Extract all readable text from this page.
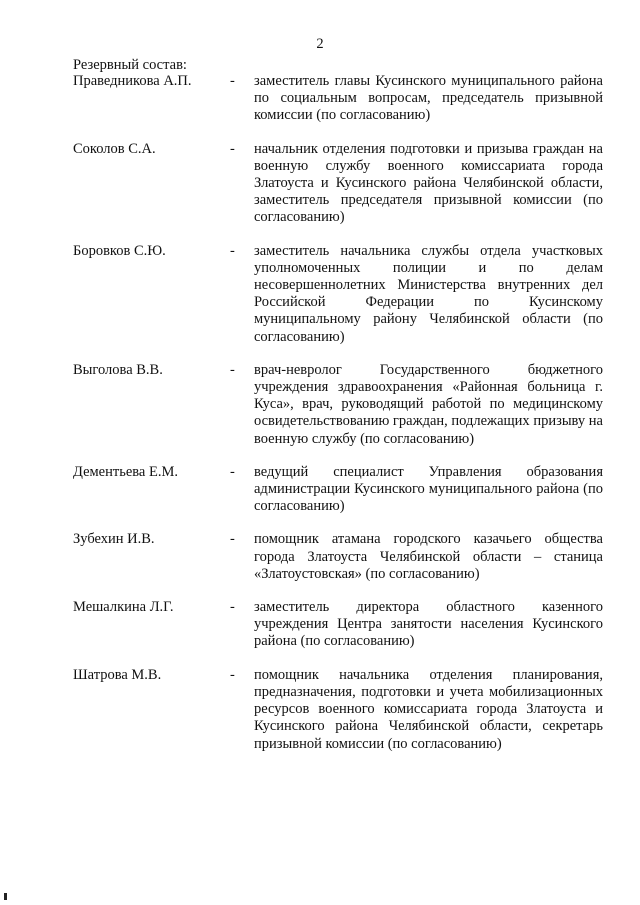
2
Резервный состав:
Праведникова А.П.	-	заместитель главы Кусинского муниципального района по социальным вопросам, председатель призывной комиссии (по согласованию)
Соколов С.А.	-	начальник отделения подготовки и призыва граждан на военную службу военного комиссариата города Златоуста и Кусинского района Челябинской области, заместитель председателя призывной комиссии (по согласованию)
Боровков С.Ю.	-	заместитель начальника службы отдела участковых уполномоченных полиции и по делам несовершеннолетних Министерства внутренних дел Российской Федерации по Кусинскому муниципальному району Челябинской области (по согласованию)
Выголова В.В.	-	врач-невролог Государственного бюджетного учреждения здравоохранения «Районная больница г. Куса», врач, руководящий работой по медицинскому освидетельствованию граждан, подлежащих призыву на военную службу (по согласованию)
Дементьева Е.М.	-	ведущий специалист Управления образования администрации Кусинского муниципального района (по согласованию)
Зубехин И.В.	-	помощник атамана городского казачьего общества города Златоуста Челябинской области – станица «Златоустовская» (по согласованию)
Мешалкина Л.Г.	-	заместитель директора областного казенного учреждения Центра занятости населения Кусинского района (по согласованию)
Шатрова М.В.	-	помощник начальника отделения планирования, предназначения, подготовки и учета мобилизационных ресурсов военного комиссариата города Златоуста и Кусинского района Челябинской области, секретарь призывной комиссии (по согласованию)
